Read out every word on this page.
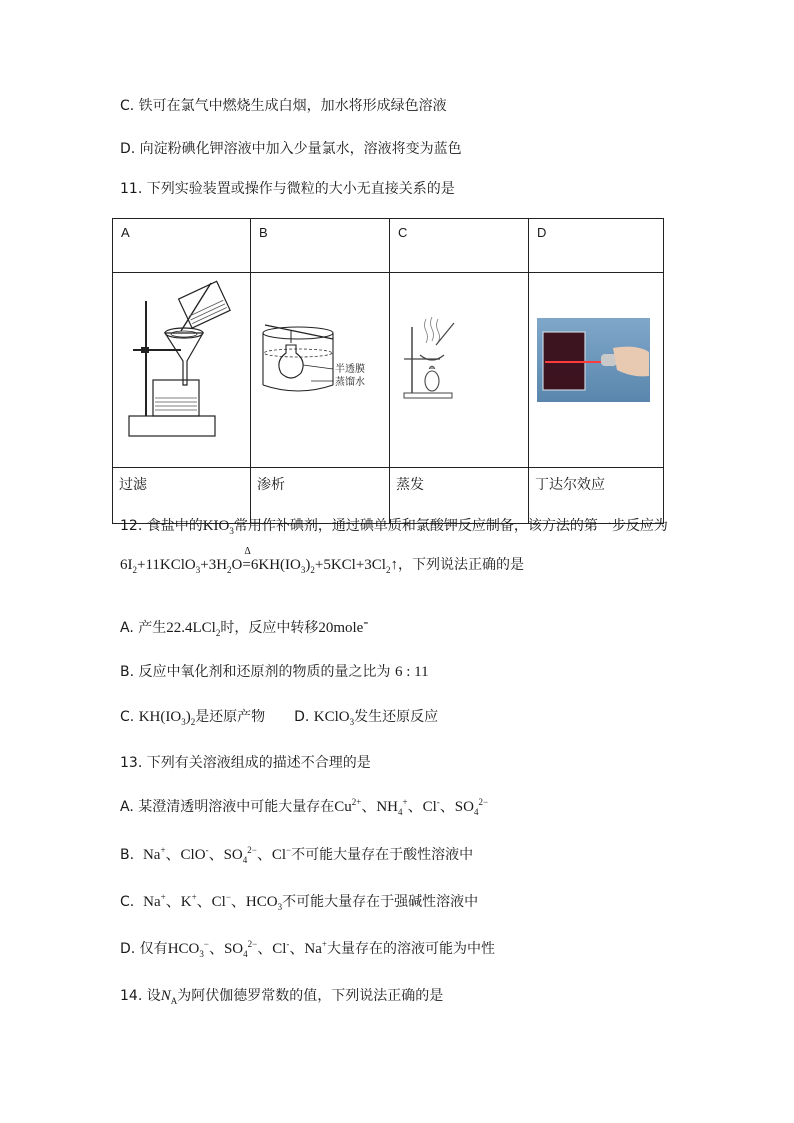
C. 铁可在氯气中燃烧生成白烟，加水将形成绿色溶液
D. 向淀粉碘化钾溶液中加入少量氯水，溶液将变为蓝色
11. 下列实验装置或操作与微粒的大小无直接关系的是
A	B	C	D

半透膜
蒸馏水

过滤	渗析	蒸发	丁达尔效应
12. 食盐中的$KIO_3$常用作补碘剂，通过碘单质和氯酸钾反应制备，该方法的第一步反应为
$6I_2+11KClO_3+3H_2O$
Δ
$=6KH(IO_3)_2+5KCl+3Cl_2↑$，下列说法正确的是
A. 产生22.4LCl$_2$时，反应中转移20mole-
B. 反应中氧化剂和还原剂的物质的量之比为 6 : 11
C. $KH(IO_3)_2$是还原产物 D. KClO$_3$发生还原反应
13. 下列有关溶液组成的描述不合理的是
A. 某澄清透明溶液中可能大量存在$Cu^{2+}$、$NH_4^+$、Cl-、$SO_4^{2-}$
B. Na+、ClO-、$SO_4^{2-}$、Cl−不可能大量存在于酸性溶液中
C. Na+、K+、Cl−、$HCO_3$不可能大量存在于强碱性溶液中
D. 仅有$HCO_3^-$、$SO_4^{2-}$、Cl-、Na+大量存在的溶液可能为中性
14. 设$N_A$为阿伏伽德罗常数的值，下列说法正确的是
